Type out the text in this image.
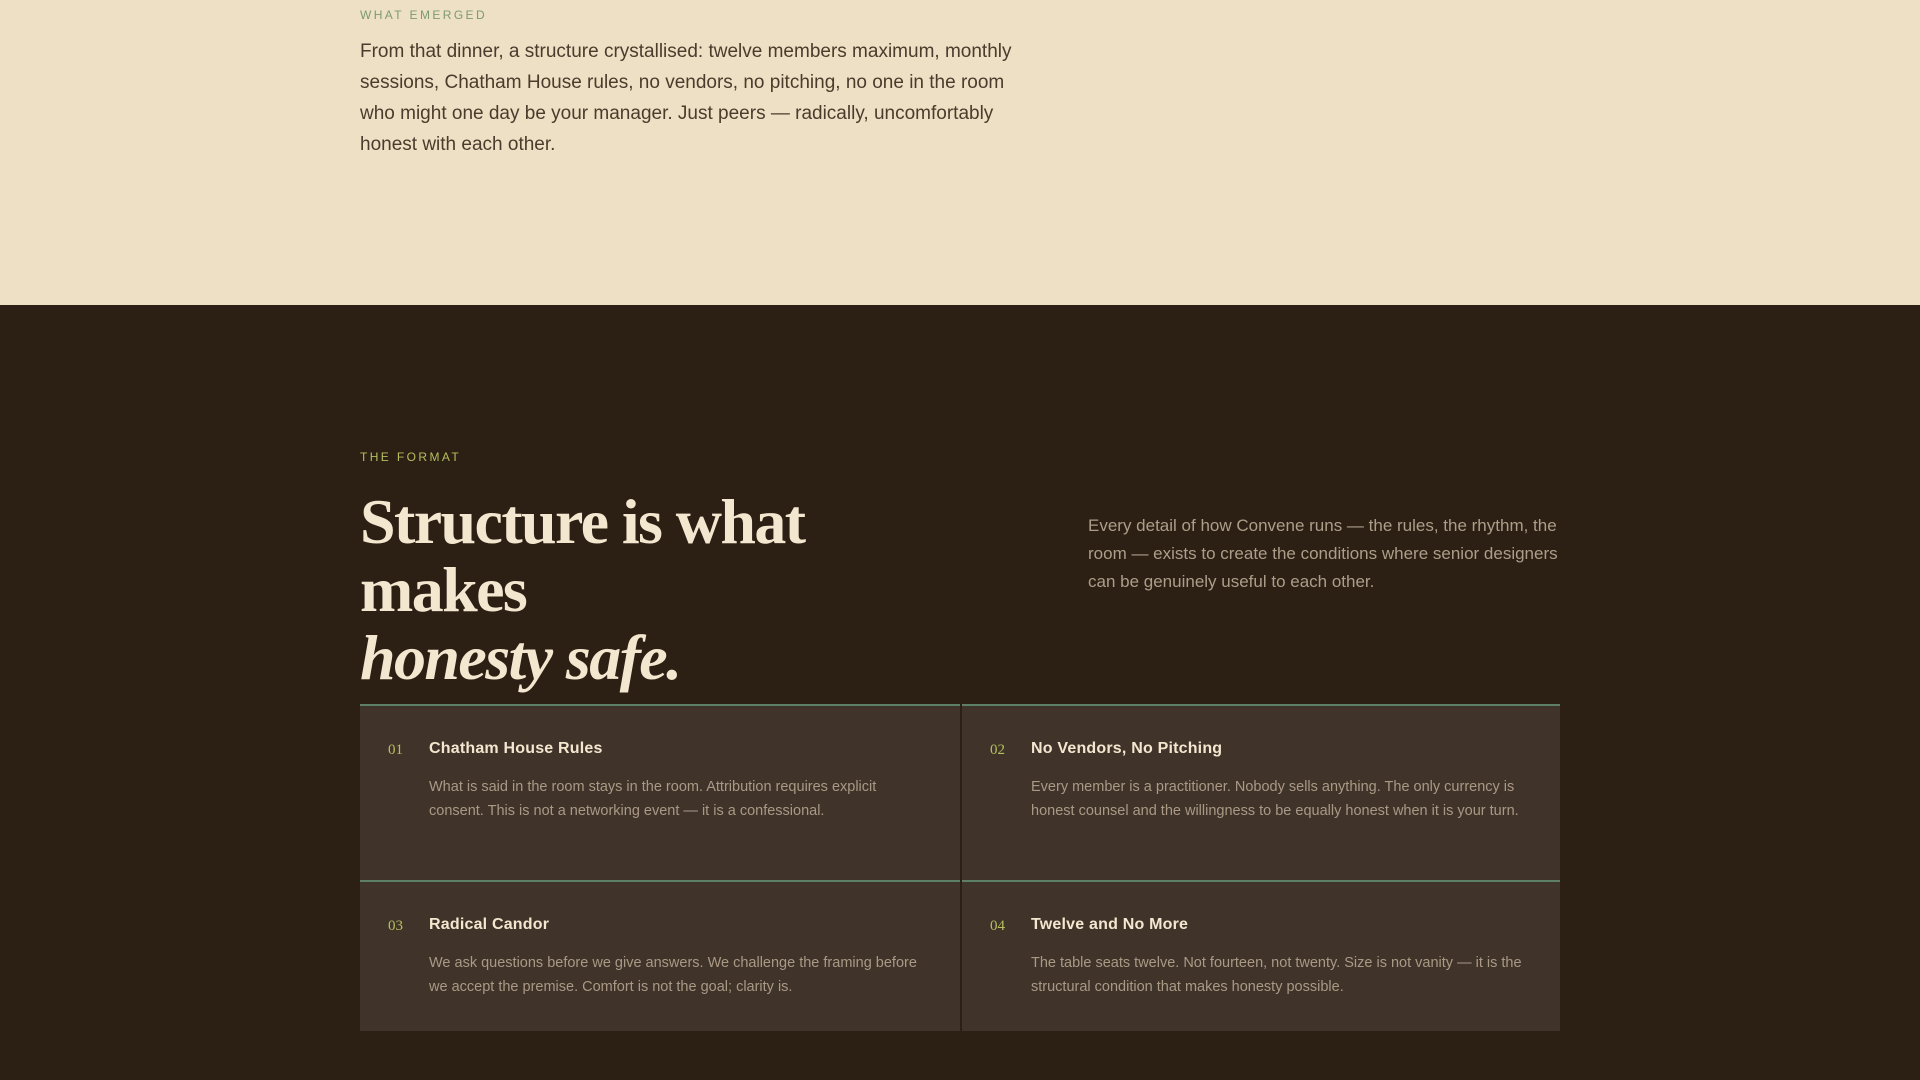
WHAT EMERGED

From that dinner, a structure crystallised: twelve members maximum, monthly sessions, Chatham House rules, no vendors, no pitching, no one in the room who might one day be your manager. Just peers — radically, uncomfortably honest with each other.

THE FORMAT
Structure is what makes
honesty safe.

Every detail of how Convene runs — the rules, the rhythm, the room — exists to create the conditions where senior designers can be genuinely useful to each other.

01 Chatham House Rules

What is said in the room stays in the room. Attribution requires explicit consent. This is not a networking event — it is a confessional.

02 No Vendors, No Pitching

Every member is a practitioner. Nobody sells anything. The only currency is honest counsel and the willingness to be equally honest when it is your turn.

03 Radical Candor

We ask questions before we give answers. We challenge the framing before we accept the premise. Comfort is not the goal; clarity is.

04 Twelve and No More

The table seats twelve. Not fourteen, not twenty. Size is not vanity — it is the structural condition that makes honesty possible.
